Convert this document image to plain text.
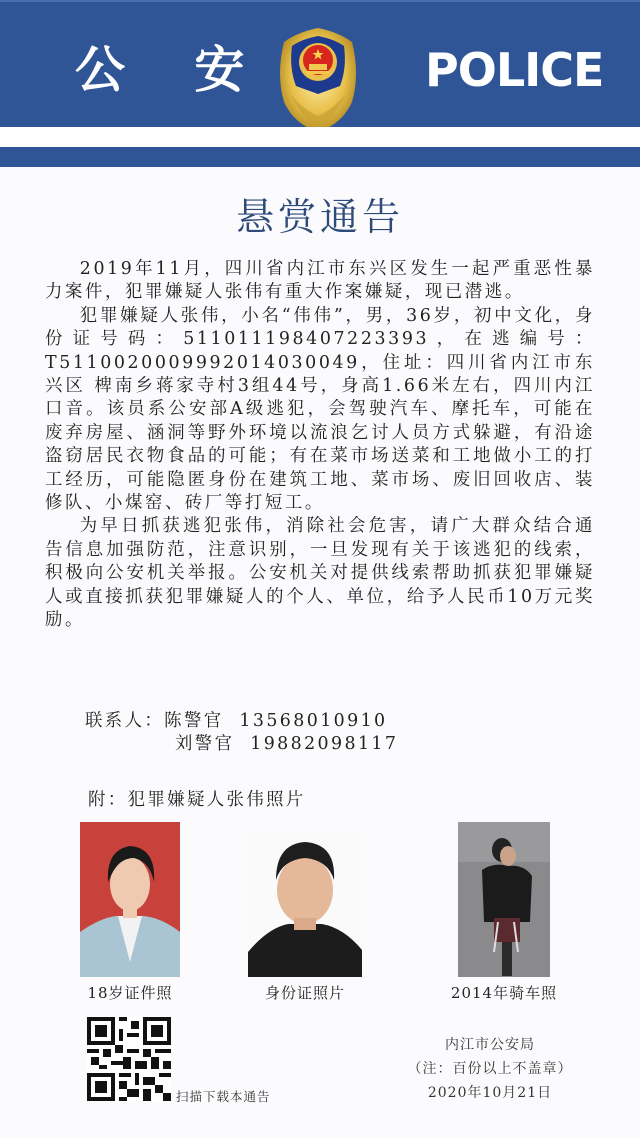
公 安	POLICE
悬赏通告

2019年11月，四川省内江市东兴区发生一起严重恶性暴力案件，犯罪嫌疑人张伟有重大作案嫌疑，现已潜逃。

犯罪嫌疑人张伟，小名“伟伟”，男，36岁，初中文化，身份证号码：511011198407223393，在逃编号：T5110020009992014030049，住址：四川省内江市东兴区 椑南乡蒋家寺村3组44号，身高1.66米左右，四川内江口音。该员系公安部A级逃犯，会驾驶汽车、摩托车，可能在废弃房屋、涵洞等野外环境以流浪乞讨人员方式躲避，有沿途盗窃居民衣物食品的可能；有在菜市场送菜和工地做小工的打工经历，可能隐匿身份在建筑工地、菜市场、废旧回收店、装修队、小煤窑、砖厂等打短工。

为早日抓获逃犯张伟，消除社会危害，请广大群众结合通告信息加强防范，注意识别，一旦发现有关于该逃犯的线索，积极向公安机关举报。公安机关对提供线索帮助抓获犯罪嫌疑人或直接抓获犯罪嫌疑人的个人、单位，给予人民币10万元奖励。

联系人：陈警官 13568010910
刘警官 19882098117
附：犯罪嫌疑人张伟照片
18岁证件照	身份证照片	2014年骑车照
扫描下载本通告
内江市公安局
（注：百份以上不盖章）
2020年10月21日
